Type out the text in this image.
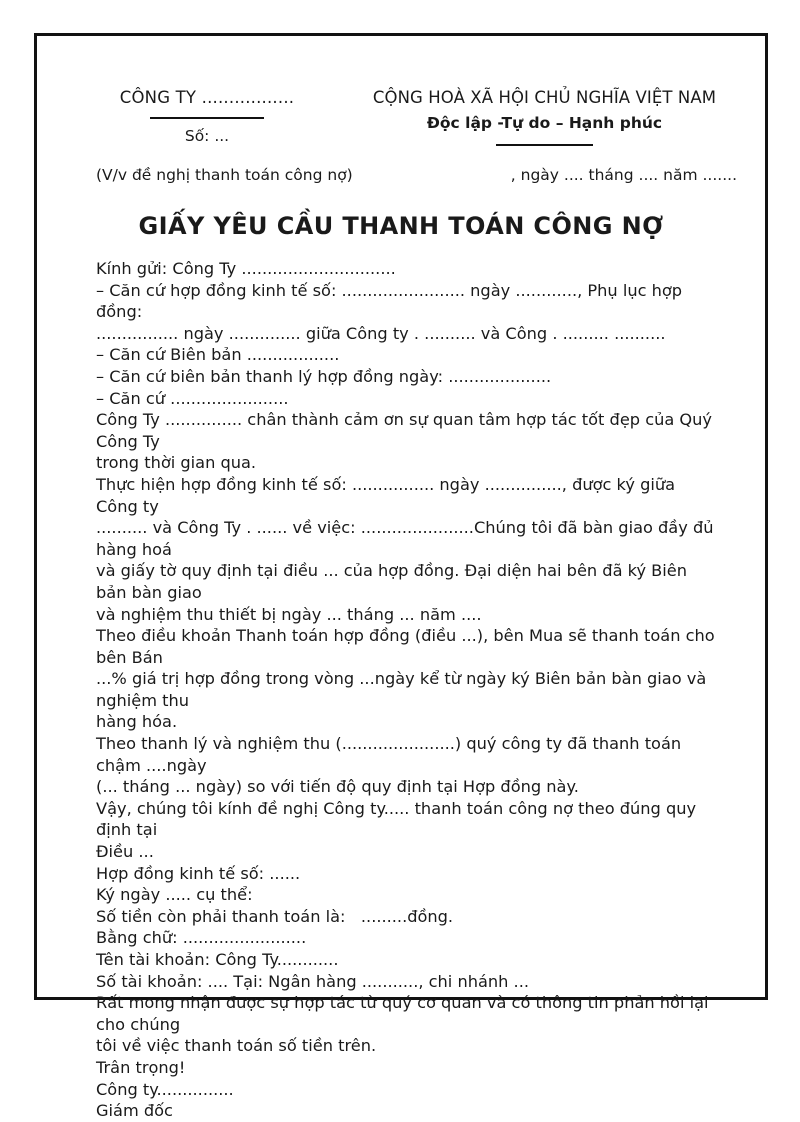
CÔNG TY .................
Số: ...
CỘNG HOÀ XÃ HỘI CHỦ NGHĨA VIỆT NAM
Độc lập -Tự do – Hạnh phúc
(V/v đề nghị thanh toán công nợ)	, ngày .... tháng .... năm .......
GIẤY YÊU CẦU THANH TOÁN CÔNG NỢ
Kính gửi: Công Ty ..............................
– Căn cứ hợp đồng kinh tế số: ........................ ngày ............, Phụ lục hợp đồng:
................ ngày .............. giữa Công ty . .......... và Công . ......... ..........
– Căn cứ Biên bản ..................
– Căn cứ biên bản thanh lý hợp đồng ngày: ....................
– Căn cứ .......................
Công Ty ............... chân thành cảm ơn sự quan tâm hợp tác tốt đẹp của Quý Công Ty
trong thời gian qua.
Thực hiện hợp đồng kinh tế số: ................ ngày ..............., được ký giữa Công ty
.......... và Công Ty . ...... về việc: ......................Chúng tôi đã bàn giao đầy đủ hàng hoá
và giấy tờ quy định tại điều ... của hợp đồng. Đại diện hai bên đã ký Biên bản bàn giao
và nghiệm thu thiết bị ngày ... tháng ... năm ....
Theo điều khoản Thanh toán hợp đồng (điều ...), bên Mua sẽ thanh toán cho bên Bán
...% giá trị hợp đồng trong vòng ...ngày kể từ ngày ký Biên bản bàn giao và nghiệm thu
hàng hóa.
Theo thanh lý và nghiệm thu (......................) quý công ty đã thanh toán chậm ....ngày
(... tháng ... ngày) so với tiến độ quy định tại Hợp đồng này.
Vậy, chúng tôi kính đề nghị Công ty..... thanh toán công nợ theo đúng quy định tại
Điều ...
Hợp đồng kinh tế số: ......
Ký ngày ..... cụ thể:
Số tiền còn phải thanh toán là:   .........đồng.
Bằng chữ: ........................
Tên tài khoản: Công Ty............
Số tài khoản: .... Tại: Ngân hàng ..........., chi nhánh ...
Rất mong nhận được sự hợp tác từ quý cơ quan và có thông tin phản hồi lại cho chúng
tôi về việc thanh toán số tiền trên.
Trân trọng!
Công ty...............
Giám đốc
